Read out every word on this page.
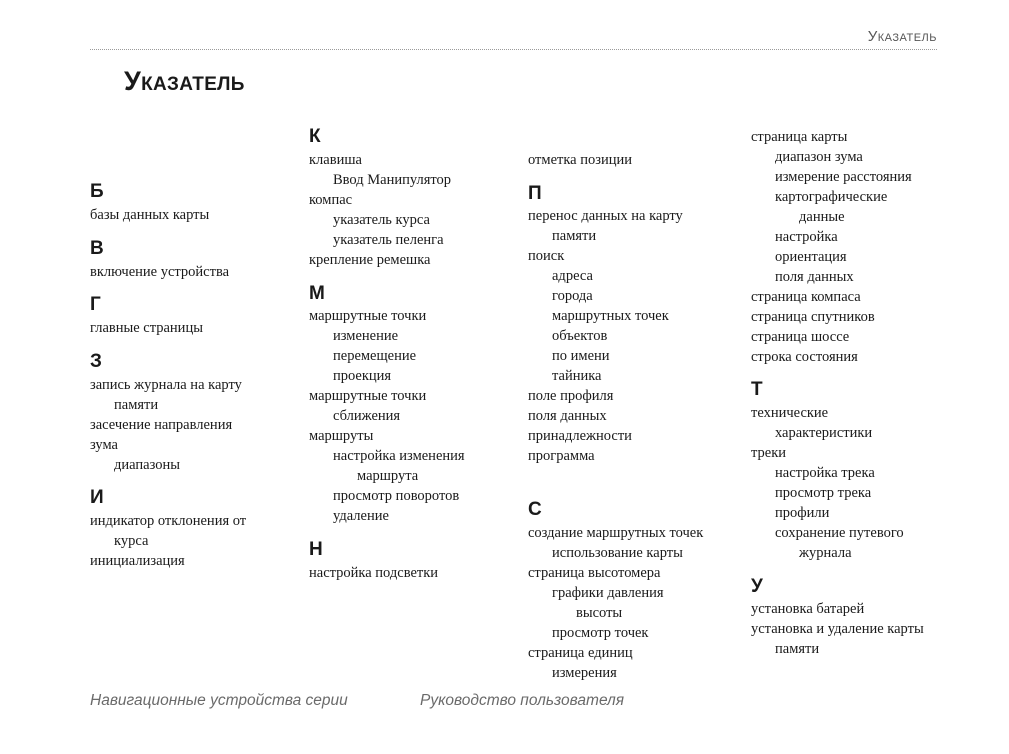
Указатель
Указатель
Б
базы данных карты
В
включение устройства
Г
главные страницы
З
запись журнала на карту
памяти
засечение направления
зума
диапазоны
И
индикатор отклонения от
курса
инициализация
К
клавиша
Ввод Манипулятор
компас
указатель курса
указатель пеленга
крепление ремешка
М
маршрутные точки
изменение
перемещение
проекция
маршрутные точки
сближения
маршруты
настройка изменения
маршрута
просмотр поворотов
удаление
Н
настройка подсветки
отметка позиции
П
перенос данных на карту
памяти
поиск
адреса
города
маршрутных точек
объектов
по имени
тайника
поле профиля
поля данных
принадлежности
программа
С
создание маршрутных точек
использование карты
страница высотомера
графики давления
высоты
просмотр точек
страница единиц
измерения
страница карты
диапазон зума
измерение расстояния
картографические
данные
настройка
ориентация
поля данных
страница компаса
страница спутников
страница шоссе
строка состояния
Т
технические
характеристики
треки
настройка трека
просмотр трека
профили
сохранение путевого
журнала
У
установка батарей
установка и удаление карты
памяти
Навигационные устройства серии	Руководство пользователя
